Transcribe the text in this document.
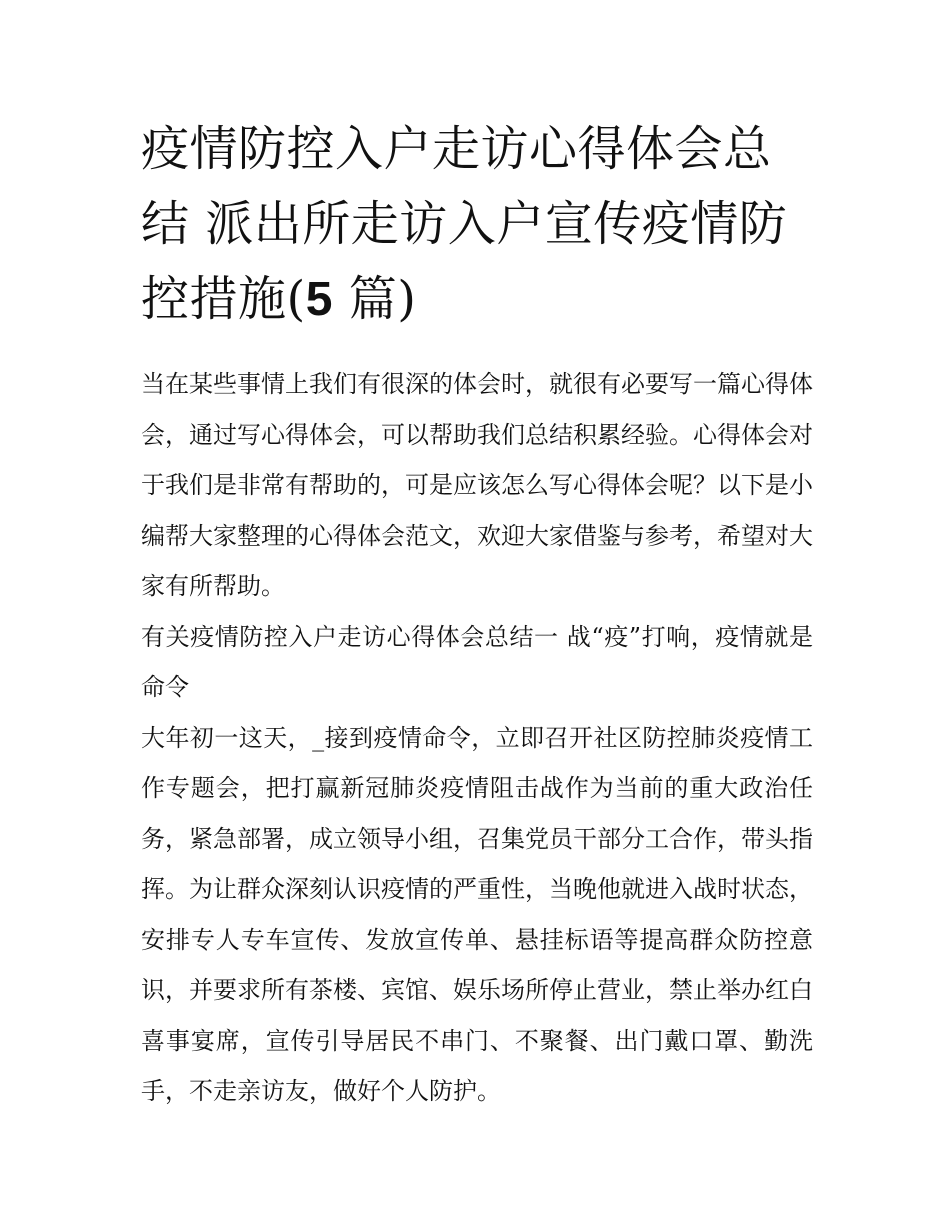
疫情防控入户走访心得体会总结 派出所走访入户宣传疫情防控措施(5 篇)

当在某些事情上我们有很深的体会时，就很有必要写一篇心得体会，通过写心得体会，可以帮助我们总结积累经验。心得体会对于我们是非常有帮助的，可是应该怎么写心得体会呢？以下是小编帮大家整理的心得体会范文，欢迎大家借鉴与参考，希望对大家有所帮助。

有关疫情防控入户走访心得体会总结一 战“疫”打响，疫情就是命令

大年初一这天，_接到疫情命令，立即召开社区防控肺炎疫情工作专题会，把打赢新冠肺炎疫情阻击战作为当前的重大政治任务，紧急部署，成立领导小组，召集党员干部分工合作，带头指挥。为让群众深刻认识疫情的严重性，当晚他就进入战时状态，安排专人专车宣传、发放宣传单、悬挂标语等提高群众防控意识，并要求所有茶楼、宾馆、娱乐场所停止营业，禁止举办红白喜事宴席，宣传引导居民不串门、不聚餐、出门戴口罩、勤洗手，不走亲访友，做好个人防护。
